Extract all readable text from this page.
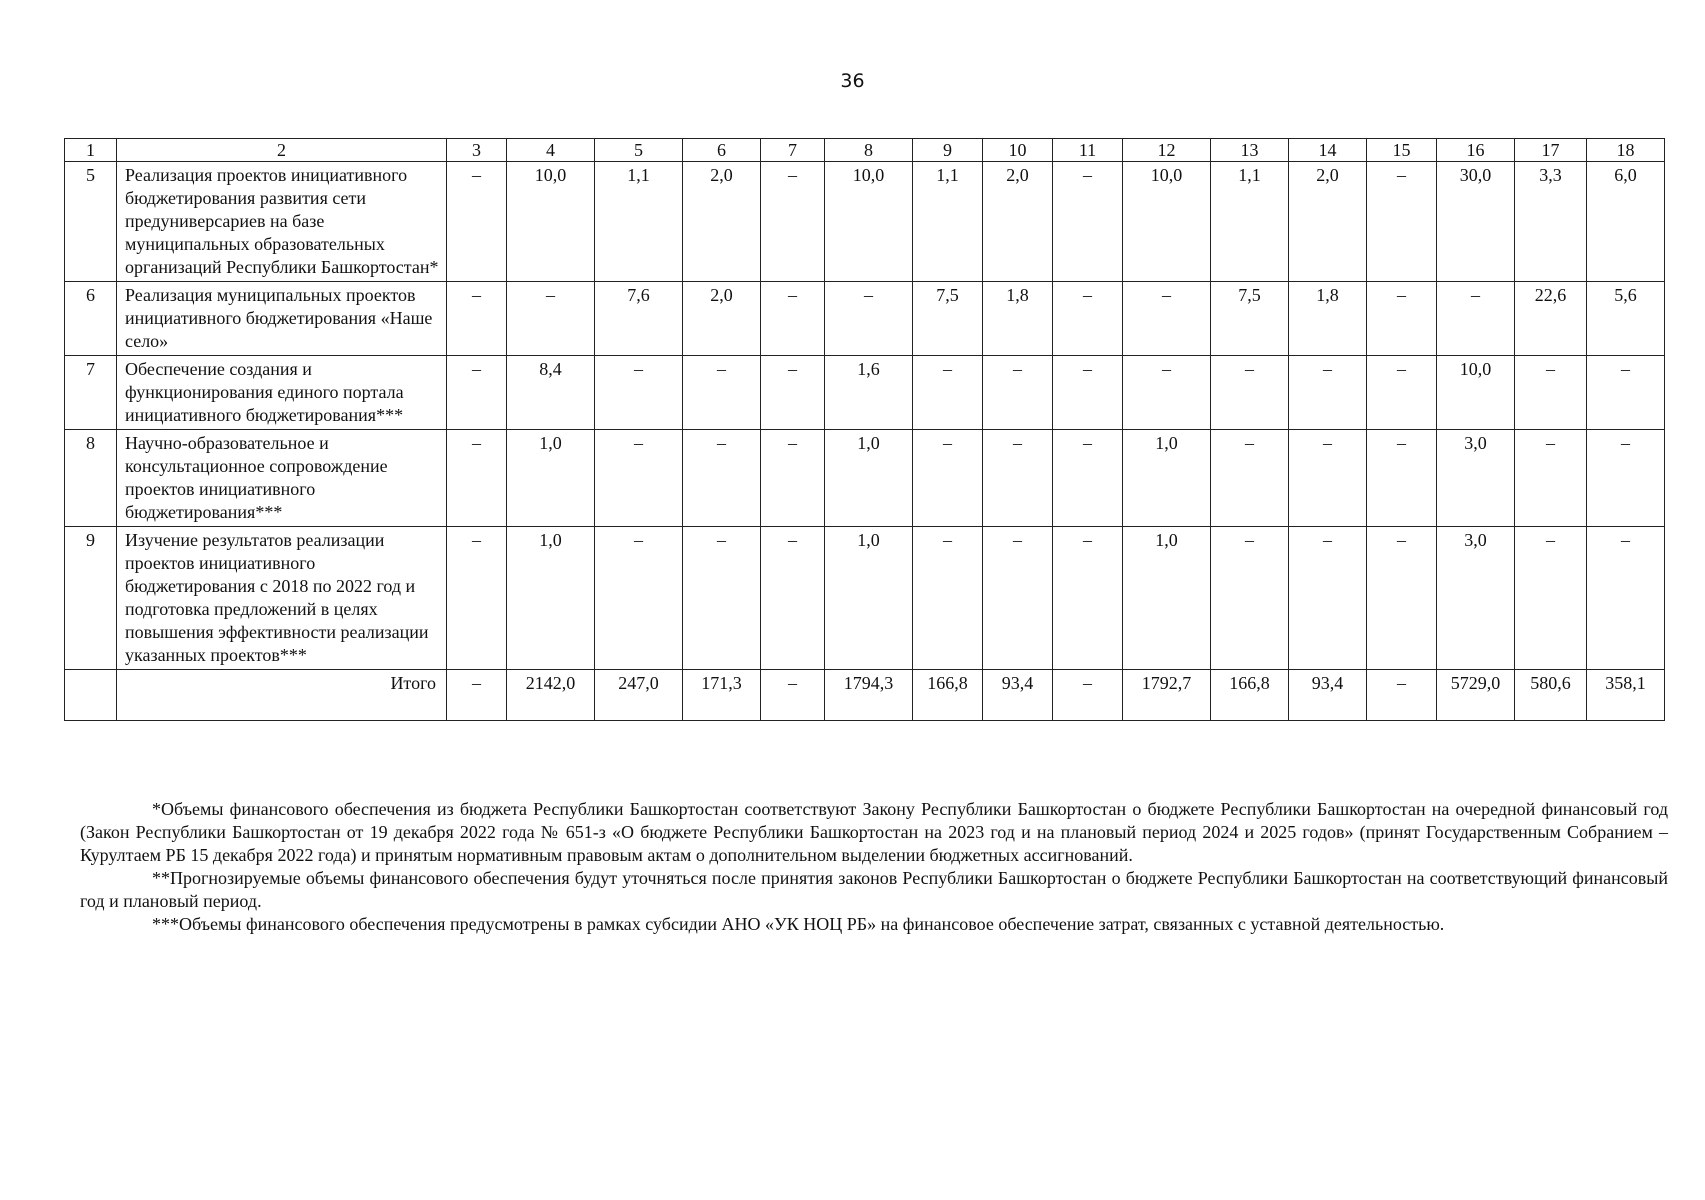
36
1	2	3	4	5	6	7	8	9	10	11	12	13	14	15	16	17	18
5	Реализация проектов инициативного бюджетирования развития сети предуниверсариев на базе муниципальных образовательных организаций Республики Башкортостан*	–	10,0	1,1	2,0	–	10,0	1,1	2,0	–	10,0	1,1	2,0	–	30,0	3,3	6,0
6	Реализация муниципальных проектов инициативного бюджетирования «Наше село»	–	–	7,6	2,0	–	–	7,5	1,8	–	–	7,5	1,8	–	–	22,6	5,6
7	Обеспечение создания и функционирования единого портала инициативного бюджетирования***	–	8,4	–	–	–	1,6	–	–	–	–	–	–	–	10,0	–	–
8	Научно-образовательное и консультационное сопровождение проектов инициативного бюджетирования***	–	1,0	–	–	–	1,0	–	–	–	1,0	–	–	–	3,0	–	–
9	Изучение результатов реализации проектов инициативного бюджетирования с 2018 по 2022 год и подготовка предложений в целях повышения эффективности реализации указанных проектов***	–	1,0	–	–	–	1,0	–	–	–	1,0	–	–	–	3,0	–	–
	Итого	–	2142,0	247,0	171,3	–	1794,3	166,8	93,4	–	1792,7	166,8	93,4	–	5729,0	580,6	358,1

*Объемы финансового обеспечения из бюджета Республики Башкортостан соответствуют Закону Республики Башкортостан о бюджете Республики Башкортостан на очередной финансовый год (Закон Республики Башкортостан от 19 декабря 2022 года № 651-з «О бюджете Республики Башкортостан на 2023 год и на плановый период 2024 и 2025 годов» (принят Государственным Собранием – Курултаем РБ 15 декабря 2022 года) и принятым нормативным правовым актам о дополнительном выделении бюджетных ассигнований.

**Прогнозируемые объемы финансового обеспечения будут уточняться после принятия законов Республики Башкортостан о бюджете Республики Башкортостан на соответствующий финансовый год и плановый период.

***Объемы финансового обеспечения предусмотрены в рамках субсидии АНО «УК НОЦ РБ» на финансовое обеспечение затрат, связанных с уставной деятельностью.
